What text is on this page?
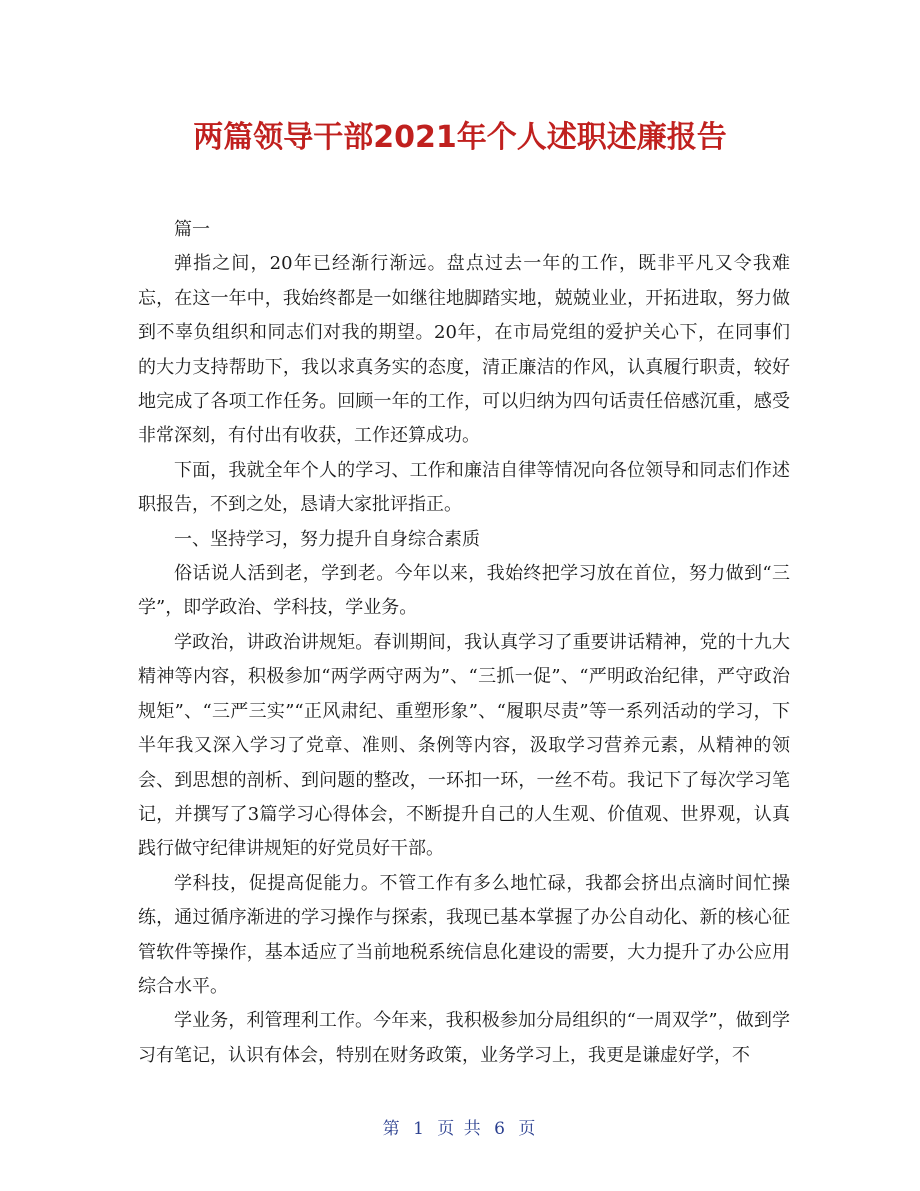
两篇领导干部2021年个人述职述廉报告

篇一

弹指之间，20年已经渐行渐远。盘点过去一年的工作，既非平凡又令我难忘，在这一年中，我始终都是一如继往地脚踏实地，兢兢业业，开拓进取，努力做到不辜负组织和同志们对我的期望。20年，在市局党组的爱护关心下，在同事们的大力支持帮助下，我以求真务实的态度，清正廉洁的作风，认真履行职责，较好地完成了各项工作任务。回顾一年的工作，可以归纳为四句话责任倍感沉重，感受非常深刻，有付出有收获，工作还算成功。

下面，我就全年个人的学习、工作和廉洁自律等情况向各位领导和同志们作述职报告，不到之处，恳请大家批评指正。

一、坚持学习，努力提升自身综合素质

俗话说人活到老，学到老。今年以来，我始终把学习放在首位，努力做到“三学”，即学政治、学科技，学业务。

学政治，讲政治讲规矩。春训期间，我认真学习了重要讲话精神，党的十九大精神等内容，积极参加“两学两守两为”、“三抓一促”、“严明政治纪律，严守政治规矩”、“三严三实”“正风肃纪、重塑形象”、“履职尽责”等一系列活动的学习，下半年我又深入学习了党章、准则、条例等内容，汲取学习营养元素，从精神的领会、到思想的剖析、到问题的整改，一环扣一环，一丝不苟。我记下了每次学习笔记，并撰写了3篇学习心得体会，不断提升自己的人生观、价值观、世界观，认真践行做守纪律讲规矩的好党员好干部。

学科技，促提高促能力。不管工作有多么地忙碌，我都会挤出点滴时间忙操练，通过循序渐进的学习操作与探索，我现已基本掌握了办公自动化、新的核心征管软件等操作，基本适应了当前地税系统信息化建设的需要，大力提升了办公应用综合水平。

学业务，利管理利工作。今年来，我积极参加分局组织的“一周双学”，做到学习有笔记，认识有体会，特别在财务政策，业务学习上，我更是谦虚好学，不

第 1 页 共 6 页
